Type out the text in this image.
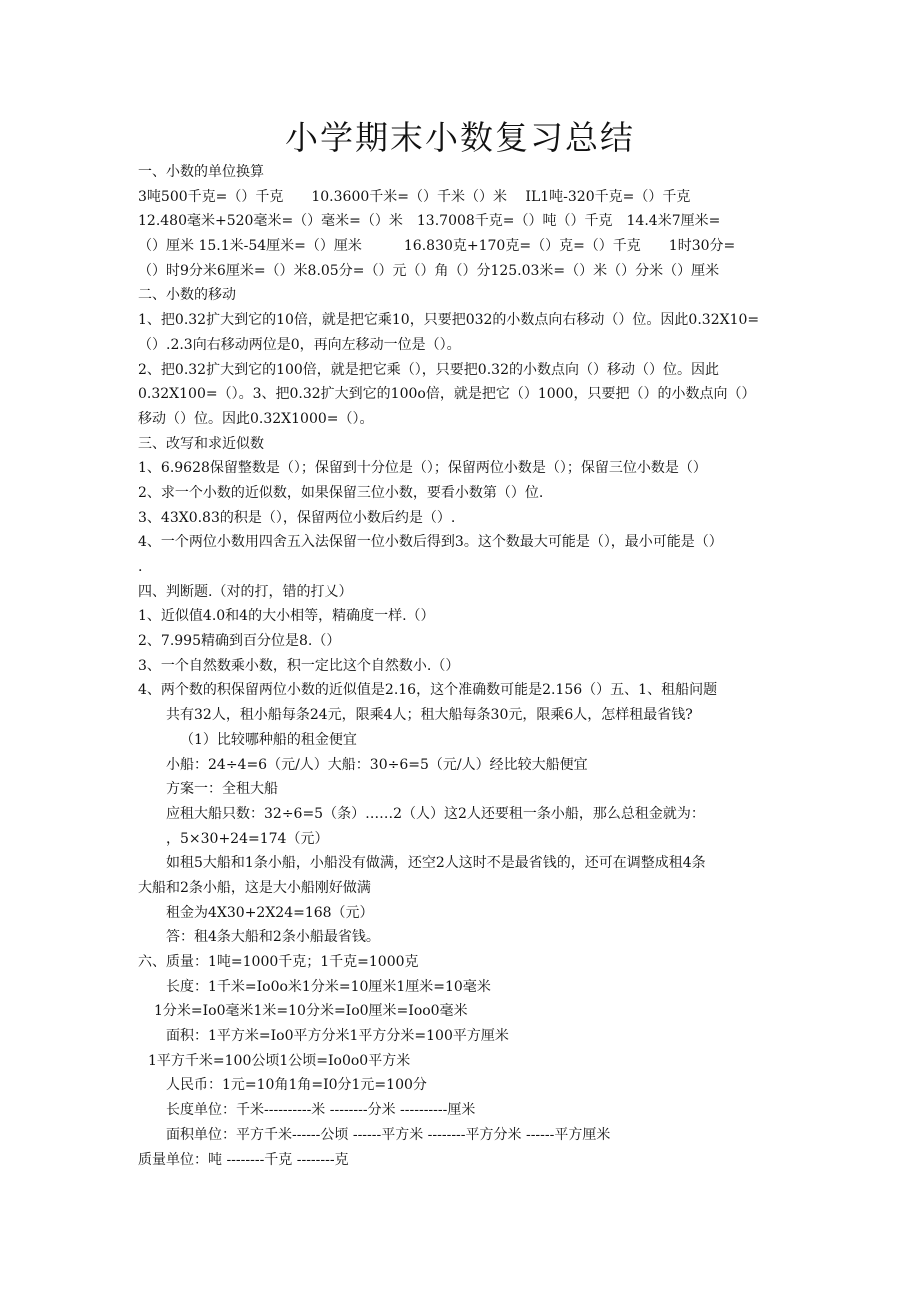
小学期末小数复习总结
一、小数的单位换算
3吨500千克=（）千克　　10.3600千米=（）千米（）米　 IL1吨-320千克=（）千克
12.480毫米+520毫米=（）毫米=（）米　13.7008千克=（）吨（）千克　14.4米7厘米=
（）厘米 15.1米-54厘米=（）厘米　　　16.830克+170克=（）克=（）千克　　1时30分=
（）时9分米6厘米=（）米8.05分=（）元（）角（）分125.03米=（）米（）分米（）厘米
二、小数的移动
1、把0.32扩大到它的10倍，就是把它乘10，只要把032的小数点向右移动（）位。因此0.32X10=
（）.2.3向右移动两位是0，再向左移动一位是（）。
2、把0.32扩大到它的100倍，就是把它乘（），只要把0.32的小数点向（）移动（）位。因此
0.32X100=（）。3、把0.32扩大到它的100o倍，就是把它（）1000，只要把（）的小数点向（）
移动（）位。因此0.32X1000=（）。
三、改写和求近似数
1、6.9628保留整数是（）；保留到十分位是（）；保留两位小数是（）；保留三位小数是（）
2、求一个小数的近似数，如果保留三位小数，要看小数第（）位.
3、43X0.83的积是（），保留两位小数后约是（）.
4、一个两位小数用四舍五入法保留一位小数后得到3。这个数最大可能是（），最小可能是（）
.
四、判断题.（对的打，错的打乂）
1、近似值4.0和4的大小相等，精确度一样.（）
2、7.995精确到百分位是8.（）
3、一个自然数乘小数，积一定比这个自然数小.（）
4、两个数的积保留两位小数的近似值是2.16，这个准确数可能是2.156（）五、1、租船问题
共有32人，租小船每条24元，限乘4人；租大船每条30元，限乘6人，怎样租最省钱?
（1）比较哪种船的租金便宜
小船：24÷4=6（元/人）大船：30÷6=5（元/人）经比较大船便宜
方案一：全租大船
应租大船只数：32÷6=5（条）……2（人）这2人还要租一条小船，那么总租金就为：
，5×30+24=174（元）
如租5大船和1条小船，小船没有做满，还空2人这时不是最省钱的，还可在调整成租4条
大船和2条小船，这是大小船刚好做满
租金为4X30+2X24=168（元）
答：租4条大船和2条小船最省钱。
六、质量：1吨=1000千克；1千克=1000克
长度：1千米=Io0o米1分米=10厘米1厘米=10毫米
1分米=Io0毫米1米=10分米=Io0厘米=Ioo0毫米
面积：1平方米=Io0平方分米1平方分米=100平方厘米
1平方千米=100公顷1公顷=Io0o0平方米
人民币：1元=10角1角=I0分1元=100分
长度单位：千米----------米 --------分米 ----------厘米
面积单位：平方千米------公顷 ------平方米 --------平方分米 ------平方厘米
质量单位：吨 --------千克 --------克
